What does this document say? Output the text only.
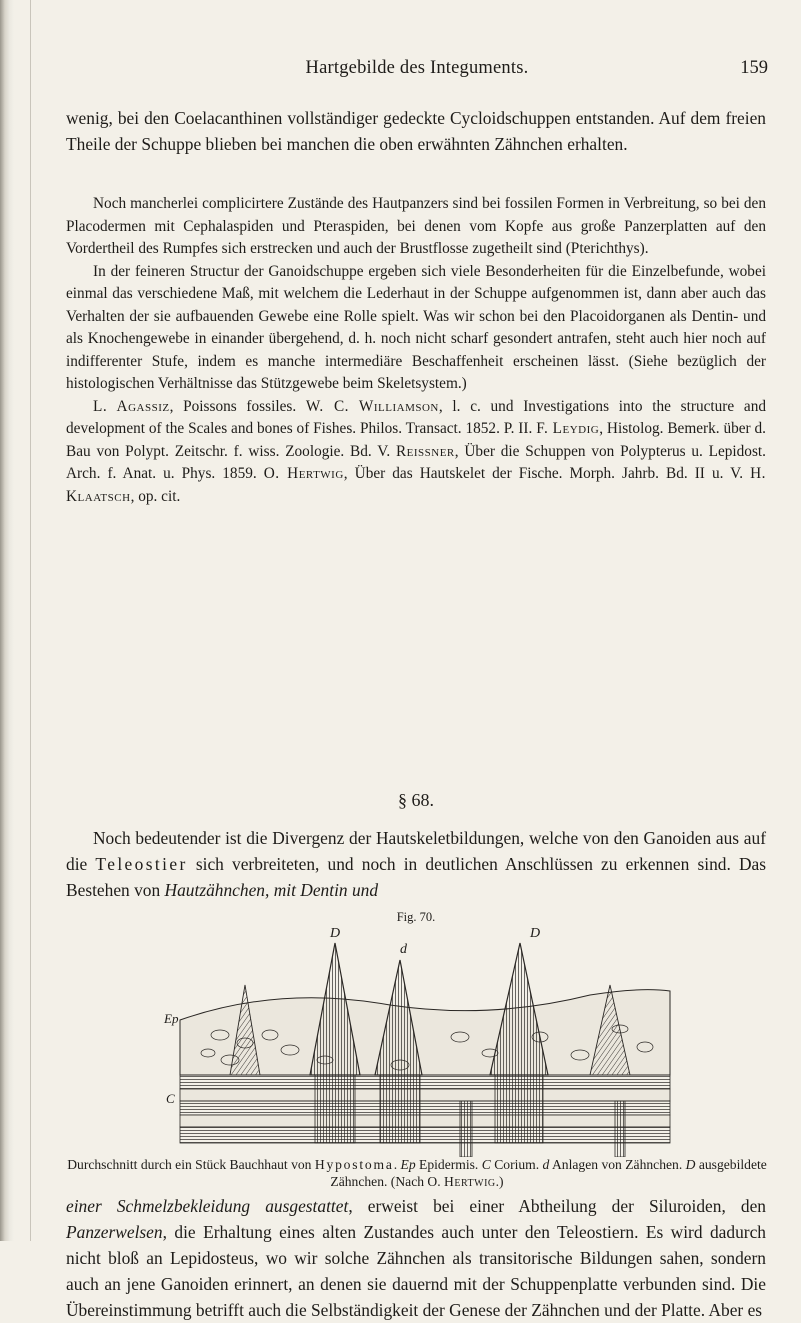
Hartgebilde des Integuments.	159

wenig, bei den Coelacanthinen vollständiger gedeckte Cycloidschuppen entstanden. Auf dem freien Theile der Schuppe blieben bei manchen die oben erwähnten Zähnchen erhalten.

Noch mancherlei complicirtere Zustände des Hautpanzers sind bei fossilen Formen in Verbreitung, so bei den Placodermen mit Cephalaspiden und Pteraspiden, bei denen vom Kopfe aus große Panzerplatten auf den Vordertheil des Rumpfes sich erstrecken und auch der Brustflosse zugetheilt sind (Pterichthys).

In der feineren Structur der Ganoidschuppe ergeben sich viele Besonderheiten für die Einzelbefunde, wobei einmal das verschiedene Maß, mit welchem die Lederhaut in der Schuppe aufgenommen ist, dann aber auch das Verhalten der sie aufbauenden Gewebe eine Rolle spielt. Was wir schon bei den Placoidorganen als Dentin- und als Knochengewebe in einander übergehend, d. h. noch nicht scharf gesondert antrafen, steht auch hier noch auf indifferenter Stufe, indem es manche intermediäre Beschaffenheit erscheinen lässt. (Siehe bezüglich der histologischen Verhältnisse das Stützgewebe beim Skeletsystem.)

L. Agassiz, Poissons fossiles. W. C. Williamson, l. c. und Investigations into the structure and development of the Scales and bones of Fishes. Philos. Transact. 1852. P. II. F. Leydig, Histolog. Bemerk. über d. Bau von Polypt. Zeitschr. f. wiss. Zoologie. Bd. V. Reissner, Über die Schuppen von Polypterus u. Lepidost. Arch. f. Anat. u. Phys. 1859. O. Hertwig, Über das Hautskelet der Fische. Morph. Jahrb. Bd. II u. V. H. Klaatsch, op. cit.

§ 68.

Noch bedeutender ist die Divergenz der Hautskeletbildungen, welche von den Ganoiden aus auf die Teleostier sich verbreiteten, und noch in deutlichen Anschlüssen zu erkennen sind. Das Bestehen von Hautzähnchen, mit Dentin und

Fig. 70.
D
d
D
Ep
C
Durchschnitt durch ein Stück Bauchhaut von Hypostoma. Ep Epidermis. C Corium. d Anlagen von Zähnchen. D ausgebildete Zähnchen. (Nach O. Hertwig.)

einer Schmelzbekleidung ausgestattet, erweist bei einer Abtheilung der Siluroiden, den Panzerwelsen, die Erhaltung eines alten Zustandes auch unter den Teleostiern. Es wird dadurch nicht bloß an Lepidosteus, wo wir solche Zähnchen als transitorische Bildungen sahen, sondern auch an jene Ganoiden erinnert, an denen sie dauernd mit der Schuppenplatte verbunden sind. Die Übereinstimmung betrifft auch die Selbständigkeit der Genese der Zähnchen und der Platte. Aber es
